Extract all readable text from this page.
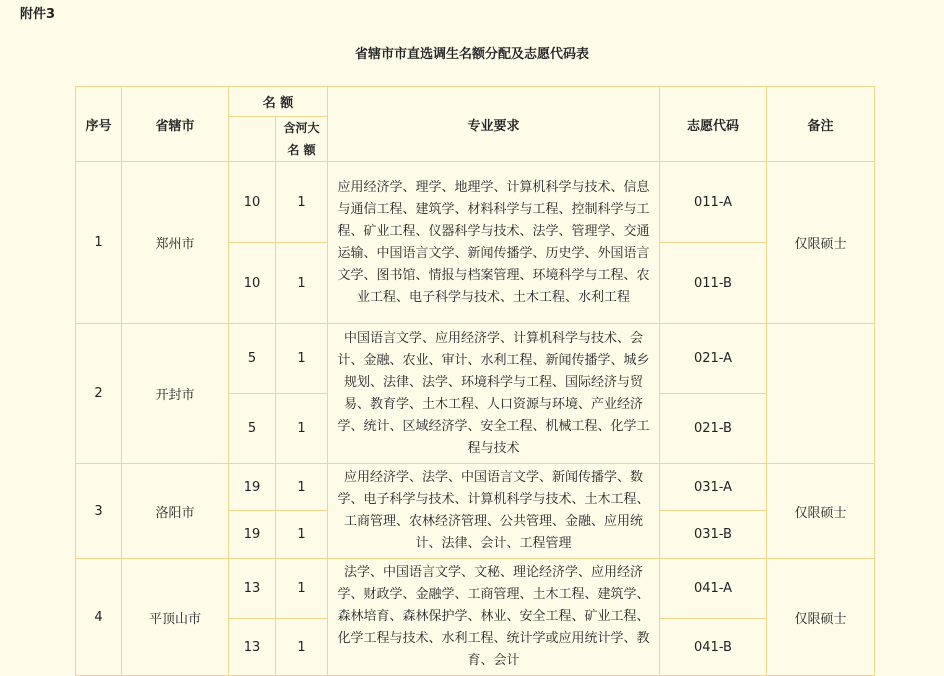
附件3
省辖市市直选调生名额分配及志愿代码表
序号	省辖市	名 额		专业要求	志愿代码	备注

			含河大
名 额			

1	郑州市	10	1	应用经济学、理学、地理学、计算机科学与技术、信息与通信工程、建筑学、材料科学与工程、控制科学与工程、矿业工程、仪器科学与技术、法学、管理学、交通运输、中国语言文学、新闻传播学、历史学、外国语言文学、图书馆、情报与档案管理、环境科学与工程、农业工程、电子科学与技术、土木工程、水利工程	011-A	仅限硕士
		10	1		011-B	
2	开封市	5	1	中国语言文学、应用经济学、计算机科学与技术、会计、金融、农业、审计、水利工程、新闻传播学、城乡规划、法律、法学、环境科学与工程、国际经济与贸易、教育学、土木工程、人口资源与环境、产业经济学、统计、区域经济学、安全工程、机械工程、化学工程与技术	021-A	
		5	1		021-B	
3	洛阳市	19	1	应用经济学、法学、中国语言文学、新闻传播学、数学、电子科学与技术、计算机科学与技术、土木工程、工商管理、农林经济管理、公共管理、金融、应用统计、法律、会计、工程管理	031-A	仅限硕士
		19	1		031-B	
4	平顶山市	13	1	法学、中国语言文学、文秘、理论经济学、应用经济学、财政学、金融学、工商管理、土木工程、建筑学、森林培育、森林保护学、林业、安全工程、矿业工程、化学工程与技术、水利工程、统计学或应用统计学、教育、会计	041-A	仅限硕士
		13	1		041-B	
